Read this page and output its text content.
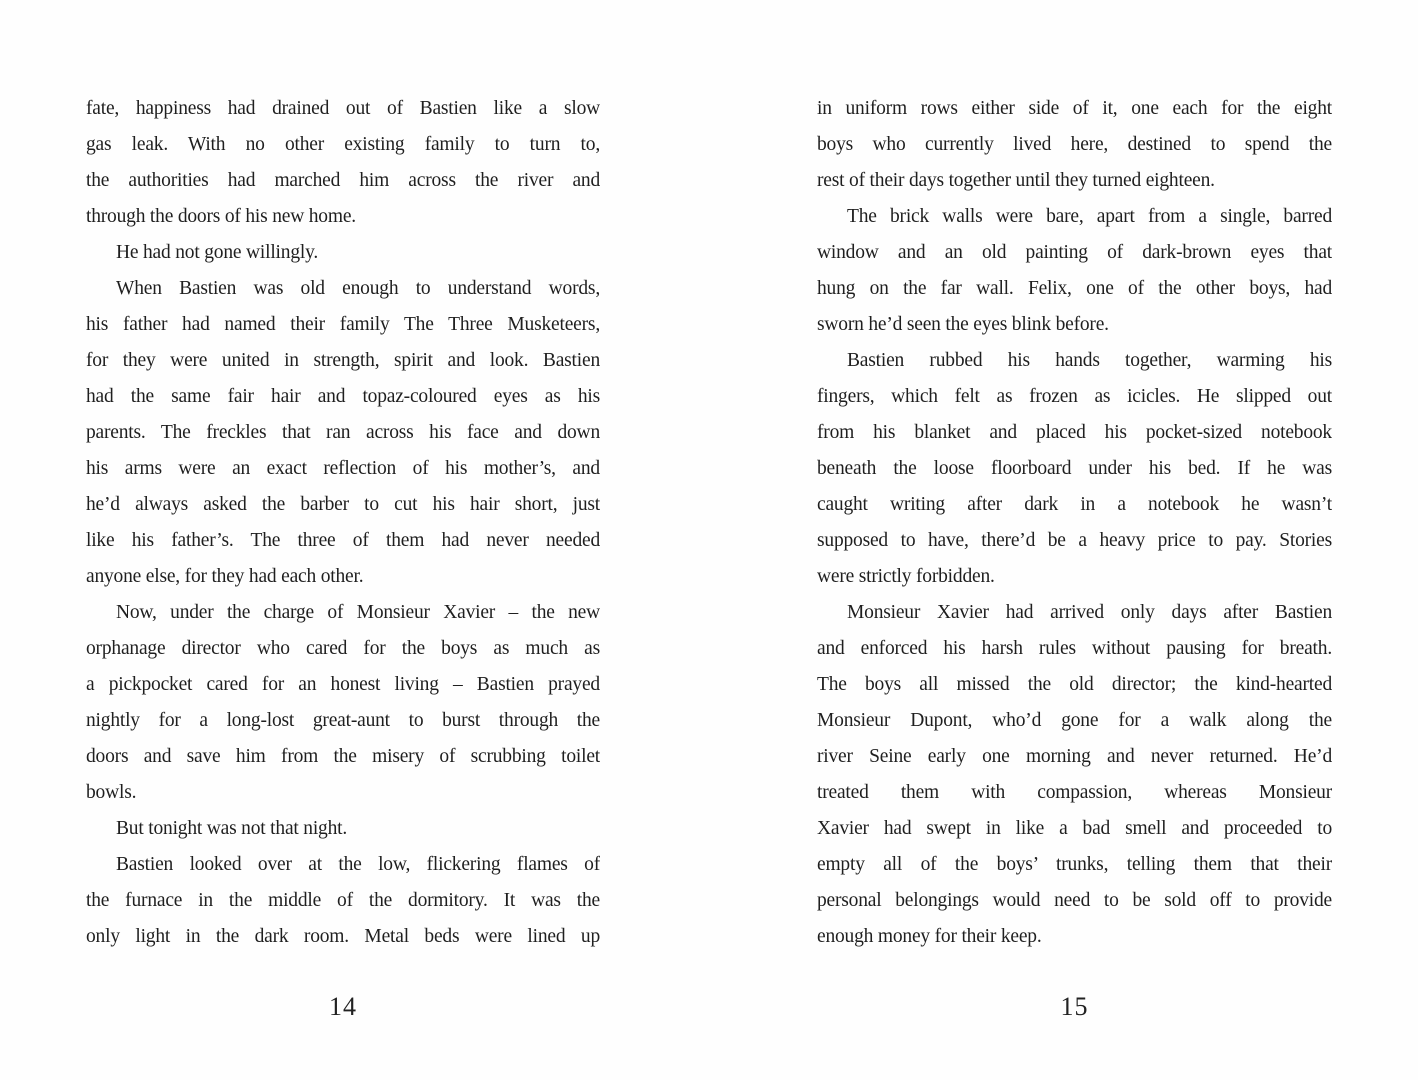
fate, happiness had drained out of Bastien like a slow
gas leak. With no other existing family to turn to,
the authorities had marched him across the river and
through the doors of his new home.
He had not gone willingly.
When Bastien was old enough to understand words,
his father had named their family The Three Musketeers,
for they were united in strength, spirit and look. Bastien
had the same fair hair and topaz-coloured eyes as his
parents. The freckles that ran across his face and down
his arms were an exact reflection of his mother’s, and
he’d always asked the barber to cut his hair short, just
like his father’s. The three of them had never needed
anyone else, for they had each other.
Now, under the charge of Monsieur Xavier – the new
orphanage director who cared for the boys as much as
a pickpocket cared for an honest living – Bastien prayed
nightly for a long-lost great-aunt to burst through the
doors and save him from the misery of scrubbing toilet
bowls.
But tonight was not that night.
Bastien looked over at the low, flickering flames of
the furnace in the middle of the dormitory. It was the
only light in the dark room. Metal beds were lined up
14
in uniform rows either side of it, one each for the eight
boys who currently lived here, destined to spend the
rest of their days together until they turned eighteen.
The brick walls were bare, apart from a single, barred
window and an old painting of dark-brown eyes that
hung on the far wall. Felix, one of the other boys, had
sworn he’d seen the eyes blink before.
Bastien rubbed his hands together, warming his
fingers, which felt as frozen as icicles. He slipped out
from his blanket and placed his pocket-sized notebook
beneath the loose floorboard under his bed. If he was
caught writing after dark in a notebook he wasn’t
supposed to have, there’d be a heavy price to pay. Stories
were strictly forbidden.
Monsieur Xavier had arrived only days after Bastien
and enforced his harsh rules without pausing for breath.
The boys all missed the old director; the kind-hearted
Monsieur Dupont, who’d gone for a walk along the
river Seine early one morning and never returned. He’d
treated them with compassion, whereas Monsieur
Xavier had swept in like a bad smell and proceeded to
empty all of the boys’ trunks, telling them that their
personal belongings would need to be sold off to provide
enough money for their keep.
15
